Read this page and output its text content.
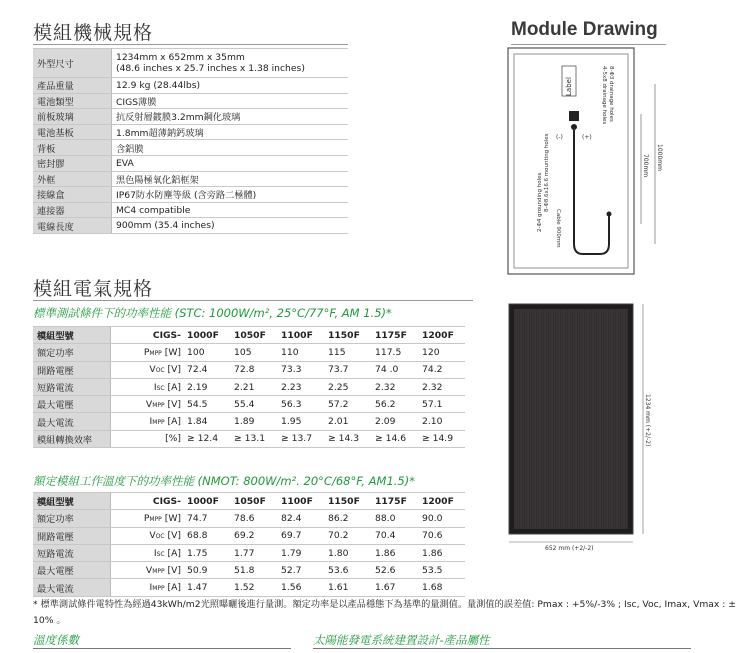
模組機械規格
外型尺寸	1234mm x 652mm x 35mm
(48.6 inches x 25.7 inches x 1.38 inches)

產品重量	12.9 kg (28.44lbs)

電池類型	CIGS薄膜

前板玻璃	抗反射層鍍膜3.2mm鋼化玻璃

電池基板	1.8mm超薄鈉鈣玻璃

背板	含鋁膜

密封膠	EVA

外框	黑色陽極氧化鋁框架

接線盒	IP67防水防塵等級 (含旁路二極體)

連接器	MC4 compatible

電線長度	900mm (35.4 inches)
Module Drawing
Label
(-)	(+)
8-Φ3 drainage holes
4-5x8 drainage holes
8-Φ8.6x16.6 mounting holes
2-Φ4 grounding holes Cable 900mm
700mm 1000mm
1234 mm (+2/-2)
652 mm (+2/-2)
模組電氣規格
標準測試條件下的功率性能 (STC: 1000W/m², 25°C/77°F, AM 1.5)*
模組型號	CIGS-	1000F	1050F	1100F	1150F	1175F	1200F
額定功率	PMPP [W]	100	105	110	115	117.5	120
開路電壓	VOC [V]	72.4	72.8	73.3	73.7	74 .0	74.2
短路電流	ISC [A]	2.19	2.21	2.23	2.25	2.32	2.32
最大電壓	VMPP [V]	54.5	55.4	56.3	57.2	56.2	57.1
最大電流	IMPP [A]	1.84	1.89	1.95	2.01	2.09	2.10
模組轉換效率	[%]	≥ 12.4	≥ 13.1	≥ 13.7	≥ 14.3	≥ 14.6	≥ 14.9
額定模組工作溫度下的功率性能 (NMOT: 800W/m². 20°C/68°F, AM1.5)*
模組型號	CIGS-	1000F	1050F	1100F	1150F	1175F	1200F
額定功率	PMPP [W]	74.7	78.6	82.4	86.2	88.0	90.0
開路電壓	VOC [V]	68.8	69.2	69.7	70.2	70.4	70.6
短路電流	ISC [A]	1.75	1.77	1.79	1.80	1.86	1.86
最大電壓	VMPP [V]	50.9	51.8	52.7	53.6	52.6	53.5
最大電流	IMPP [A]	1.47	1.52	1.56	1.61	1.67	1.68
* 標準測試條件電特性為經過43kWh/m2光照曝曬後進行量測。額定功率是以產品穩態下為基準的量測值。量測值的誤差值: Pmax : +5%/-3% ; Isc, Voc, Imax, Vmax : ± 10% 。
溫度係數	太陽能發電系統建置設計-產品屬性
